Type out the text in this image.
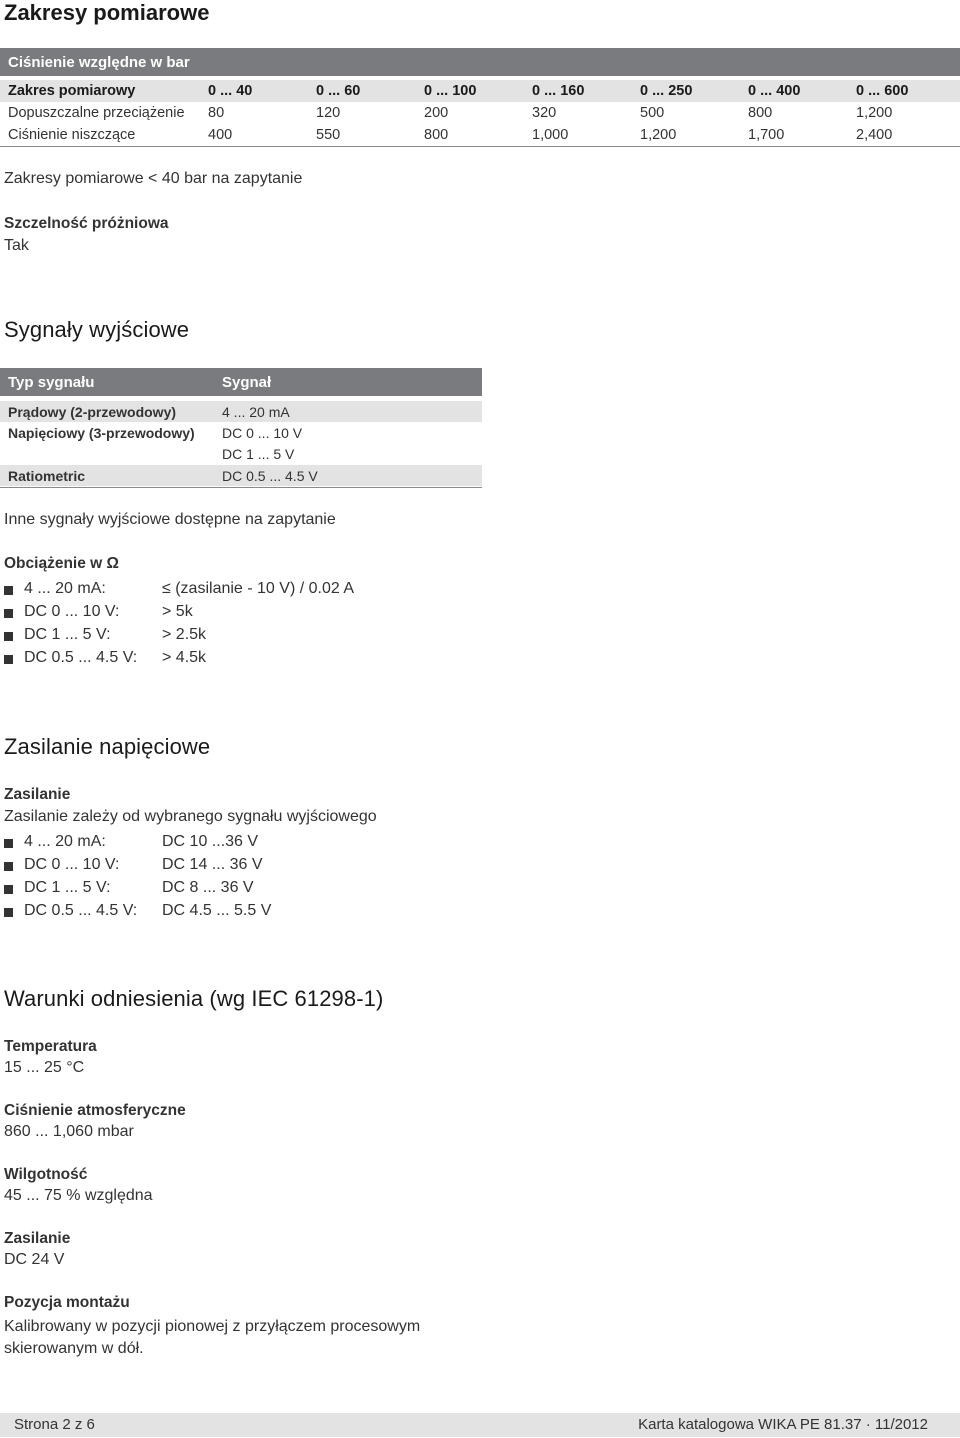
Zakresy pomiarowe
Ciśnienie względne w bar
Zakres pomiarowy	0 ... 40	0 ... 60	0 ... 100	0 ... 160	0 ... 250	0 ... 400	0 ... 600
Dopuszczalne przeciążenie 80	120	200	320	500	800	1,200
Ciśnienie niszczące	400	550	800	1,000	1,200	1,700	2,400
Zakresy pomiarowe < 40 bar na zapytanie
Szczelność próżniowa
Tak
Sygnały wyjściowe
Typ sygnału	Sygnał
Prądowy (2-przewodowy)	4 ... 20 mA
Napięciowy (3-przewodowy) DC 0 ... 10 V
DC 1 ... 5 V
Ratiometric	DC 0.5 ... 4.5 V
Inne sygnały wyjściowe dostępne na zapytanie
Obciążenie w Ω
4 ... 20 mA:	≤ (zasilanie - 10 V) / 0.02 A
DC 0 ... 10 V:	> 5k
DC 1 ... 5 V:	> 2.5k
DC 0.5 ... 4.5 V: > 4.5k
Zasilanie napięciowe
Zasilanie
Zasilanie zależy od wybranego sygnału wyjściowego
4 ... 20 mA:	DC 10 ...36 V
DC 0 ... 10 V:	DC 14 ... 36 V
DC 1 ... 5 V:	DC 8 ... 36 V
DC 0.5 ... 4.5 V: DC 4.5 ... 5.5 V
Warunki odniesienia (wg IEC 61298-1)
Temperatura
15 ... 25 °C
Ciśnienie atmosferyczne
860 ... 1,060 mbar
Wilgotność
45 ... 75 % względna
Zasilanie
DC 24 V
Pozycja montażu
Kalibrowany w pozycji pionowej z przyłączem procesowym
skierowanym w dół.
Strona 2 z 6	Karta katalogowa WIKA PE 81.37 · 11/2012
